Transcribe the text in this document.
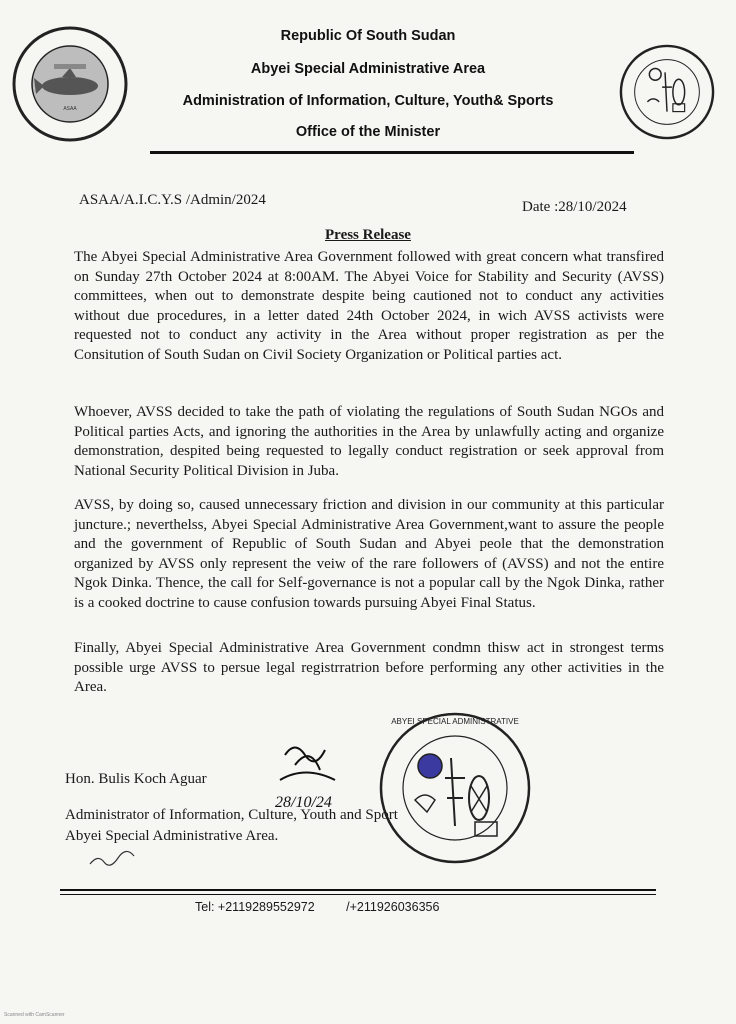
ASAA
Republic Of South Sudan
Abyei Special Administrative Area
Administration of Information, Culture, Youth& Sports
Office of the Minister
ASAA/A.I.C.Y.S /Admin/2024	Date :28/10/2024
Press Release

The Abyei Special Administrative Area Government followed with great concern what transfired on Sunday 27th October 2024 at 8:00AM. The Abyei Voice for Stability and Security (AVSS) committees, when out to demonstrate despite being cautioned not to conduct any activities without due procedures, in a letter dated 24th October 2024, in wich AVSS activists were requested not to conduct any activity in the Area without proper registration as per the Consitution of South Sudan on Civil Society Organization or Political parties act.

Whoever, AVSS decided to take the path of violating the regulations of South Sudan NGOs and Political parties Acts, and ignoring the authorities in the Area by unlawfully acting and organize demonstration, despited being requested to legally conduct registration or seek approval from National Security Political Division in Juba.

AVSS, by doing so, caused unnecessary friction and division in our community at this particular juncture.; neverthelss, Abyei Special Administrative Area Government,want to assure the people and the government of Republic of South Sudan and Abyei peole that the demonstration organized by AVSS only represent the veiw of the rare followers of (AVSS) and not the entire Ngok Dinka. Thence, the call for Self-governance is not a popular call by the Ngok Dinka, rather is a cooked doctrine to cause confusion towards pursuing Abyei Final Status.

Finally, Abyei Special Administrative Area Government condmn thisw act in strongest terms possible urge AVSS to persue legal registrratrion before performing any other activities in the Area.

ABYEI SPECIAL ADMINISTRATIVE
28/10/24
Hon. Bulis Koch Aguar
Administrator of Information, Culture, Youth and Sport
Abyei Special Administrative Area.
Tel: +2119289552972	/+211926036356
Scanned with CamScanner
